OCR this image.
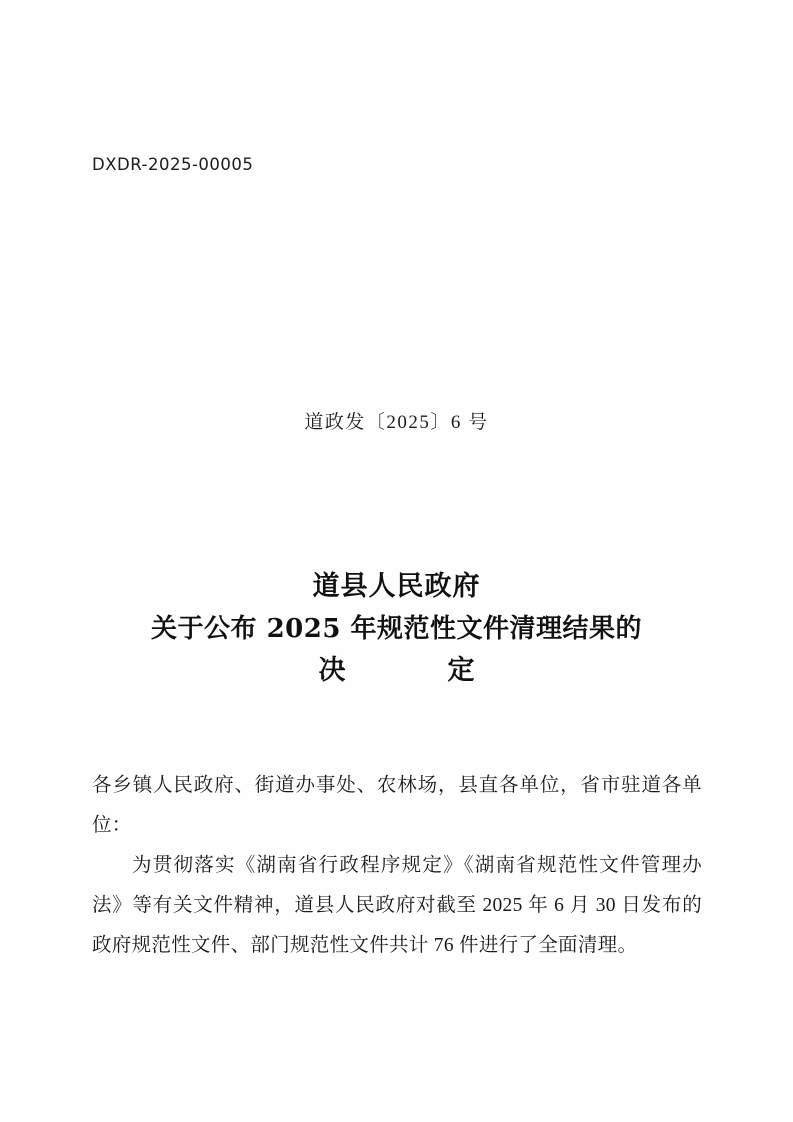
DXDR-2025-00005
道政发〔2025〕6 号
道县人民政府
关于公布 2025 年规范性文件清理结果的
决　　定

各乡镇人民政府、街道办事处、农林场，县直各单位，省市驻道各单位：

为贯彻落实《湖南省行政程序规定》《湖南省规范性文件管理办法》等有关文件精神，道县人民政府对截至 2025 年 6 月 30 日发布的政府规范性文件、部门规范性文件共计 76 件进行了全面清理。
